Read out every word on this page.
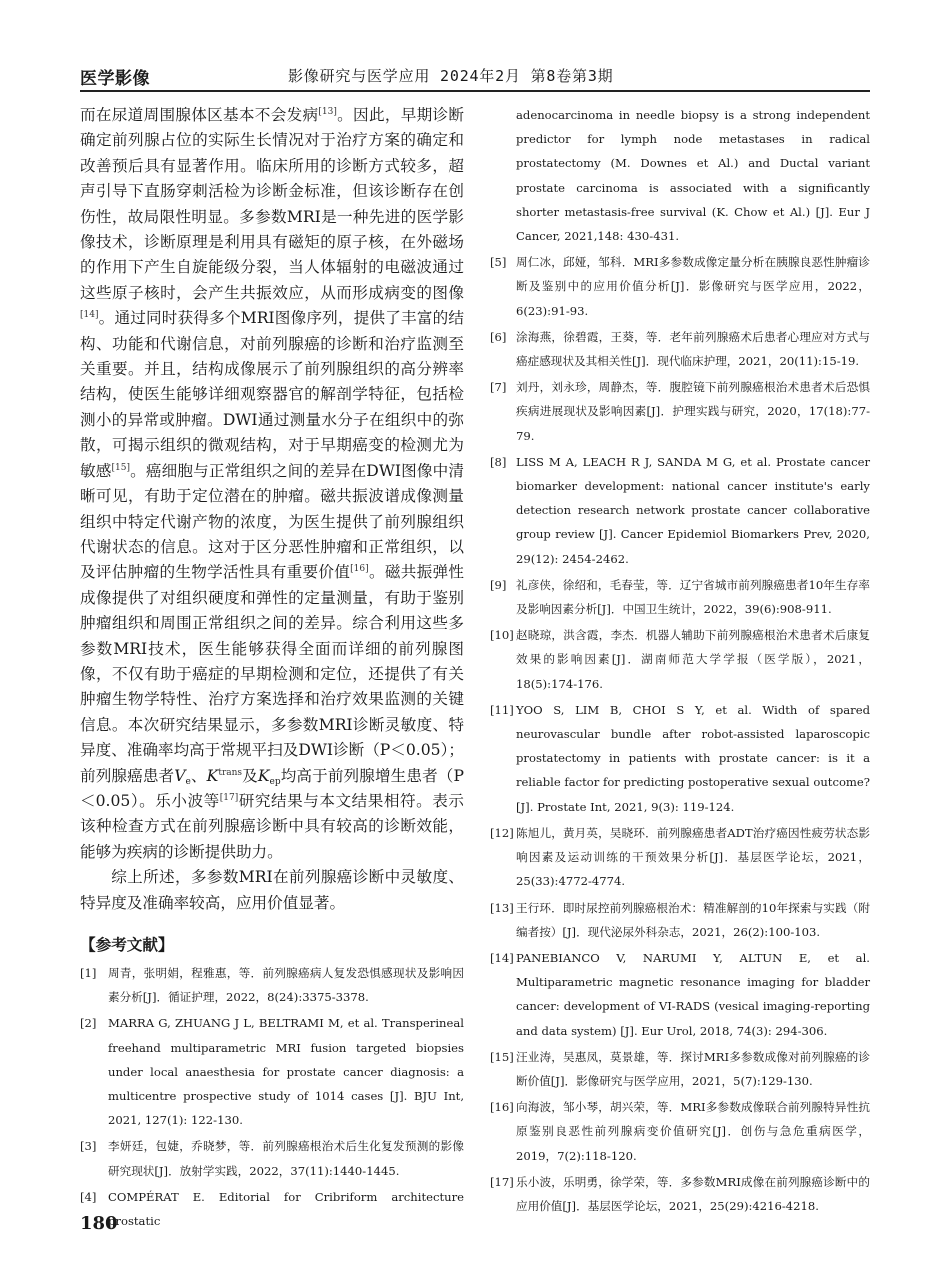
医学影像	影像研究与医学应用 2024年2月 第8卷第3期

而在尿道周围腺体区基本不会发病[13]。因此，早期诊断确定前列腺占位的实际生长情况对于治疗方案的确定和改善预后具有显著作用。临床所用的诊断方式较多，超声引导下直肠穿刺活检为诊断金标准，但该诊断存在创伤性，故局限性明显。多参数MRI是一种先进的医学影像技术，诊断原理是利用具有磁矩的原子核，在外磁场的作用下产生自旋能级分裂，当人体辐射的电磁波通过这些原子核时，会产生共振效应，从而形成病变的图像[14]。通过同时获得多个MRI图像序列，提供了丰富的结构、功能和代谢信息，对前列腺癌的诊断和治疗监测至关重要。并且，结构成像展示了前列腺组织的高分辨率结构，使医生能够详细观察器官的解剖学特征，包括检测小的异常或肿瘤。DWI通过测量水分子在组织中的弥散，可揭示组织的微观结构，对于早期癌变的检测尤为敏感[15]。癌细胞与正常组织之间的差异在DWI图像中清晰可见，有助于定位潜在的肿瘤。磁共振波谱成像测量组织中特定代谢产物的浓度，为医生提供了前列腺组织代谢状态的信息。这对于区分恶性肿瘤和正常组织，以及评估肿瘤的生物学活性具有重要价值[16]。磁共振弹性成像提供了对组织硬度和弹性的定量测量，有助于鉴别肿瘤组织和周围正常组织之间的差异。综合利用这些多参数MRI技术，医生能够获得全面而详细的前列腺图像，不仅有助于癌症的早期检测和定位，还提供了有关肿瘤生物学特性、治疗方案选择和治疗效果监测的关键信息。本次研究结果显示，多参数MRI诊断灵敏度、特异度、准确率均高于常规平扫及DWI诊断（P＜0.05）；前列腺癌患者$V_e$、$K^{trans}$及$K_{ep}$均高于前列腺增生患者（P＜0.05）。乐小波等[17]研究结果与本文结果相符。表示该种检查方式在前列腺癌诊断中具有较高的诊断效能，能够为疾病的诊断提供助力。

综上所述，多参数MRI在前列腺癌诊断中灵敏度、特异度及准确率较高，应用价值显著。

【参考文献】
[1] 周青，张明娟，程雅惠，等．前列腺癌病人复发恐惧感现状及影响因素分析[J]．循证护理，2022，8(24):3375-3378.
[2] MARRA G, ZHUANG J L, BELTRAMI M, et al. Transperineal freehand multiparametric MRI fusion targeted biopsies under local anaesthesia for prostate cancer diagnosis: a multicentre prospective study of 1014 cases [J]. BJU Int, 2021, 127(1): 122-130.
[3] 李妍廷，包婕，乔晓梦，等．前列腺癌根治术后生化复发预测的影像研究现状[J]．放射学实践，2022，37(11):1440-1445.
[4] COMPÉRAT E. Editorial for Cribriform architecture prostatic
adenocarcinoma in needle biopsy is a strong independent predictor for lymph node metastases in radical prostatectomy (M. Downes et Al.) and Ductal variant prostate carcinoma is associated with a significantly shorter metastasis-free survival (K. Chow et Al.) [J]. Eur J Cancer, 2021,148: 430-431.
[5] 周仁冰，邱娅，邹科．MRI多参数成像定量分析在胰腺良恶性肿瘤诊断及鉴别中的应用价值分析[J]．影像研究与医学应用，2022，6(23):91-93.
[6] 涂海燕，徐碧霞，王葵，等．老年前列腺癌术后患者心理应对方式与癌症感现状及其相关性[J]．现代临床护理，2021，20(11):15-19.
[7] 刘丹，刘永珍，周静杰，等．腹腔镜下前列腺癌根治术患者术后恐惧疾病进展现状及影响因素[J]．护理实践与研究，2020，17(18):77-79.
[8] LISS M A, LEACH R J, SANDA M G, et al. Prostate cancer biomarker development: national cancer institute's early detection research network prostate cancer collaborative group review [J]. Cancer Epidemiol Biomarkers Prev, 2020, 29(12): 2454-2462.
[9] 礼彦侠，徐绍和，毛春莹，等．辽宁省城市前列腺癌患者10年生存率及影响因素分析[J]．中国卫生统计，2022，39(6):908-911.
[10] 赵晓琼，洪含霞，李杰．机器人辅助下前列腺癌根治术患者术后康复效果的影响因素[J]．湖南师范大学学报（医学版），2021，18(5):174-176.
[11] YOO S, LIM B, CHOI S Y, et al. Width of spared neurovascular bundle after robot-assisted laparoscopic prostatectomy in patients with prostate cancer: is it a reliable factor for predicting postoperative sexual outcome? [J]. Prostate Int, 2021, 9(3): 119-124.
[12] 陈旭儿，黄月英，吴晓环．前列腺癌患者ADT治疗癌因性疲劳状态影响因素及运动训练的干预效果分析[J]．基层医学论坛，2021，25(33):4772-4774.
[13] 王行环．即时尿控前列腺癌根治术：精准解剖的10年探索与实践（附编者按）[J]．现代泌尿外科杂志，2021，26(2):100-103.
[14] PANEBIANCO V, NARUMI Y, ALTUN E, et al. Multiparametric magnetic resonance imaging for bladder cancer: development of VI-RADS (vesical imaging-reporting and data system) [J]. Eur Urol, 2018, 74(3): 294-306.
[15] 汪业涛，吴惠凤，莫景雄，等．探讨MRI多参数成像对前列腺癌的诊断价值[J]．影像研究与医学应用，2021，5(7):129-130.
[16] 向海波，邹小琴，胡兴荣，等．MRI多参数成像联合前列腺特异性抗原鉴别良恶性前列腺病变价值研究[J]．创伤与急危重病医学，2019，7(2):118-120.
[17] 乐小波，乐明勇，徐学荣，等．多参数MRI成像在前列腺癌诊断中的应用价值[J]．基层医学论坛，2021，25(29):4216-4218.
180
